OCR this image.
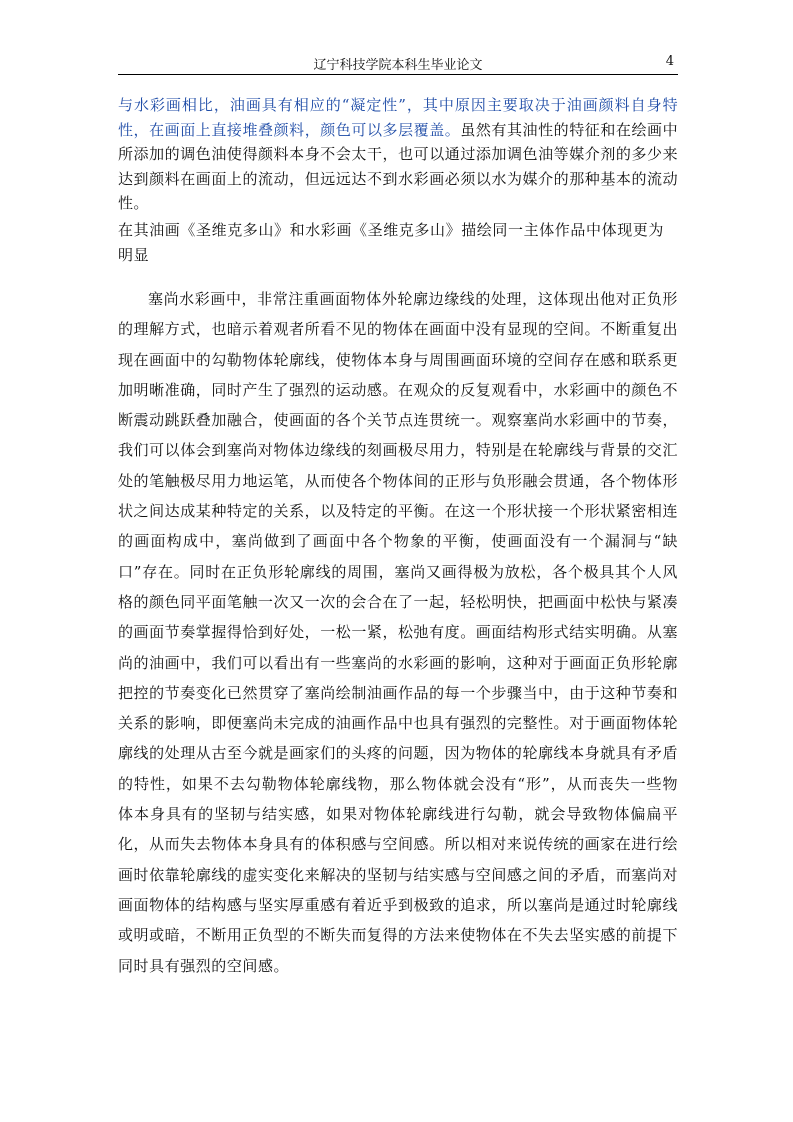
辽宁科技学院本科生毕业论文	4

与水彩画相比，油画具有相应的“凝定性”，其中原因主要取决于油画颜料自身特性，在画面上直接堆叠颜料，颜色可以多层覆盖。虽然有其油性的特征和在绘画中所添加的调色油使得颜料本身不会太干，也可以通过添加调色油等媒介剂的多少来达到颜料在画面上的流动，但远远达不到水彩画必须以水为媒介的那种基本的流动性。

在其油画《圣维克多山》和水彩画《圣维克多山》描绘同一主体作品中体现更为明显

塞尚水彩画中，非常注重画面物体外轮廓边缘线的处理，这体现出他对正负形的理解方式，也暗示着观者所看不见的物体在画面中没有显现的空间。不断重复出现在画面中的勾勒物体轮廓线，使物体本身与周围画面环境的空间存在感和联系更加明晰准确，同时产生了强烈的运动感。在观众的反复观看中，水彩画中的颜色不断震动跳跃叠加融合，使画面的各个关节点连贯统一。观察塞尚水彩画中的节奏，我们可以体会到塞尚对物体边缘线的刻画极尽用力，特别是在轮廓线与背景的交汇处的笔触极尽用力地运笔，从而使各个物体间的正形与负形融会贯通，各个物体形状之间达成某种特定的关系，以及特定的平衡。在这一个形状接一个形状紧密相连的画面构成中，塞尚做到了画面中各个物象的平衡，使画面没有一个漏洞与“缺口”存在。同时在正负形轮廓线的周围，塞尚又画得极为放松，各个极具其个人风格的颜色同平面笔触一次又一次的会合在了一起，轻松明快，把画面中松快与紧凑的画面节奏掌握得恰到好处，一松一紧，松弛有度。画面结构形式结实明确。从塞尚的油画中，我们可以看出有一些塞尚的水彩画的影响，这种对于画面正负形轮廓把控的节奏变化已然贯穿了塞尚绘制油画作品的每一个步骤当中，由于这种节奏和关系的影响，即便塞尚未完成的油画作品中也具有强烈的完整性。对于画面物体轮廓线的处理从古至今就是画家们的头疼的问题，因为物体的轮廓线本身就具有矛盾的特性，如果不去勾勒物体轮廓线物，那么物体就会没有“形”，从而丧失一些物体本身具有的坚韧与结实感，如果对物体轮廓线进行勾勒，就会导致物体偏扁平化，从而失去物体本身具有的体积感与空间感。所以相对来说传统的画家在进行绘画时依靠轮廓线的虚实变化来解决的坚韧与结实感与空间感之间的矛盾，而塞尚对画面物体的结构感与坚实厚重感有着近乎到极致的追求，所以塞尚是通过时轮廓线或明或暗，不断用正负型的不断失而复得的方法来使物体在不失去坚实感的前提下同时具有强烈的空间感。
